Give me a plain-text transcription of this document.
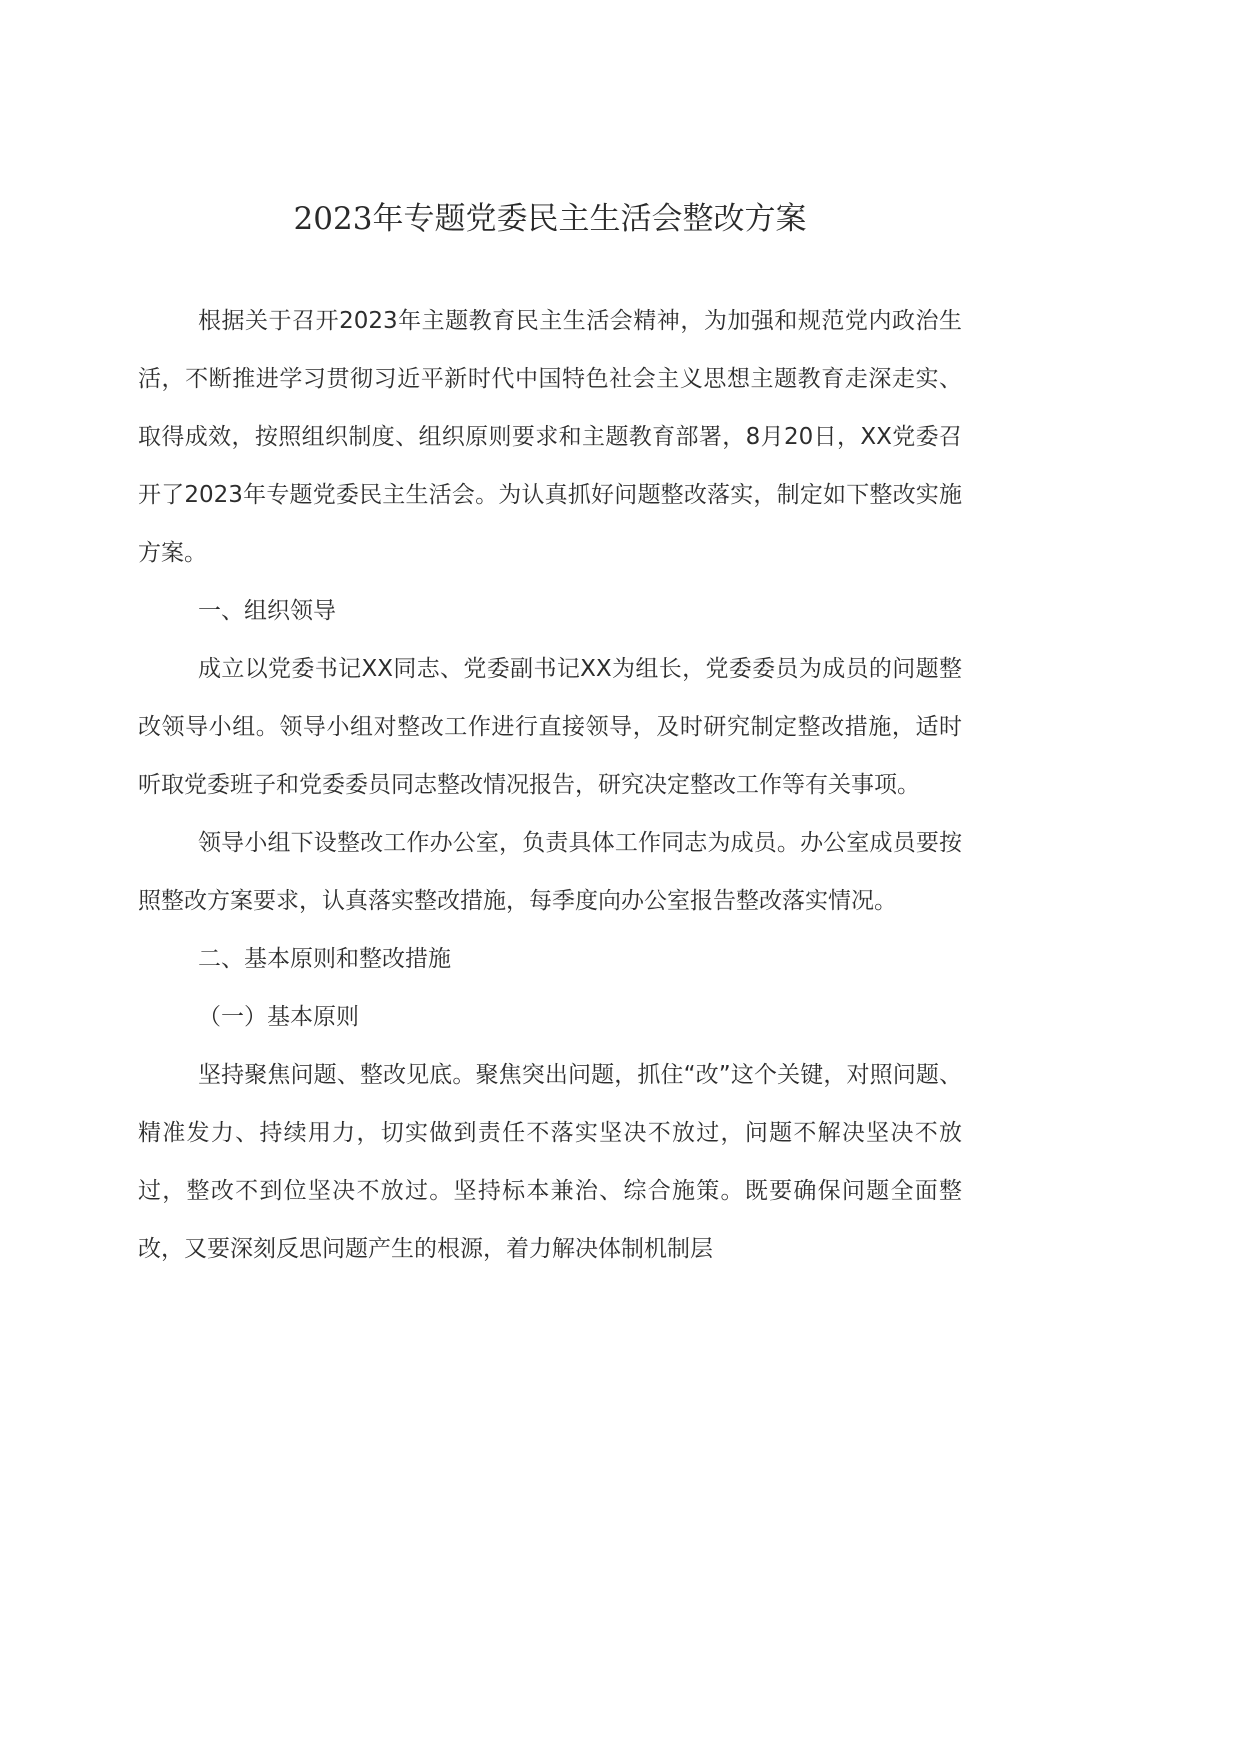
2023年专题党委民主生活会整改方案

根据关于召开2023年主题教育民主生活会精神，为加强和规范党内政治生活，不断推进学习贯彻习近平新时代中国特色社会主义思想主题教育走深走实、取得成效，按照组织制度、组织原则要求和主题教育部署，8月20日，XX党委召开了2023年专题党委民主生活会。为认真抓好问题整改落实，制定如下整改实施方案。

一、组织领导

成立以党委书记XX同志、党委副书记XX为组长，党委委员为成员的问题整改领导小组。领导小组对整改工作进行直接领导，及时研究制定整改措施，适时听取党委班子和党委委员同志整改情况报告，研究决定整改工作等有关事项。

领导小组下设整改工作办公室，负责具体工作同志为成员。办公室成员要按照整改方案要求，认真落实整改措施，每季度向办公室报告整改落实情况。

二、基本原则和整改措施

（一）基本原则

坚持聚焦问题、整改见底。聚焦突出问题，抓住“改”这个关键，对照问题、精准发力、持续用力，切实做到责任不落实坚决不放过，问题不解决坚决不放过，整改不到位坚决不放过。坚持标本兼治、综合施策。既要确保问题全面整改，又要深刻反思问题产生的根源，着力解决体制机制层
